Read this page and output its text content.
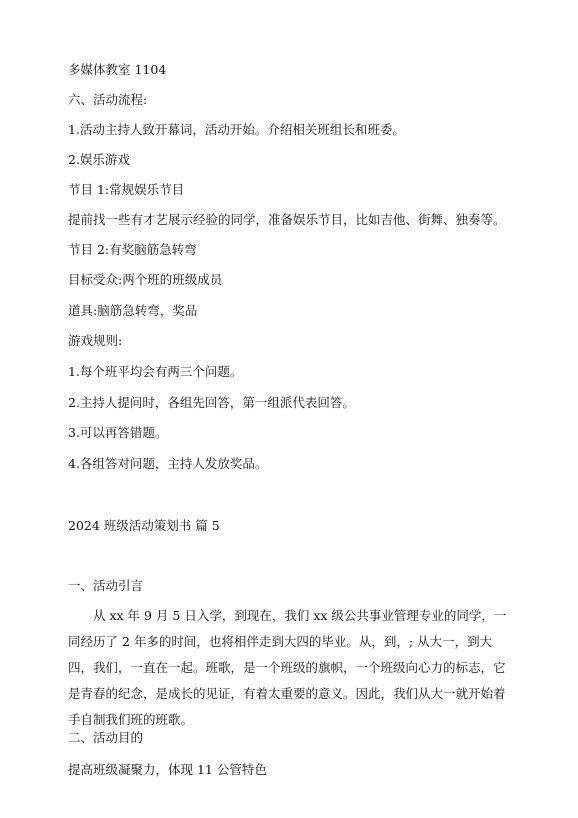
多媒体教室 1104
六、活动流程:
1.活动主持人致开幕词，活动开始。介绍相关班组长和班委。
2.娱乐游戏
节目 1:常规娱乐节目
提前找一些有才艺展示经验的同学，准备娱乐节目，比如吉他、街舞、独奏等。
节目 2:有奖脑筋急转弯
目标受众:两个班的班级成员
道具:脑筋急转弯，奖品
游戏规则:
1.每个班平均会有两三个问题。
2.主持人提问时，各组先回答，第一组派代表回答。
3.可以再答错题。
4.各组答对问题，主持人发放奖品。
2024 班级活动策划书 篇 5
一、活动引言
从 xx 年 9 月 5 日入学，到现在，我们 xx 级公共事业管理专业的同学，一同经历了 2 年多的时间，也将相伴走到大四的毕业。从，到，; 从大一，到大四，我们，一直在一起。班歌，是一个班级的旗帜，一个班级向心力的标志，它是青春的纪念，是成长的见证，有着太重要的意义。因此，我们从大一就开始着手自制我们班的班歌。
二、活动目的
提高班级凝聚力，体现 11 公管特色
